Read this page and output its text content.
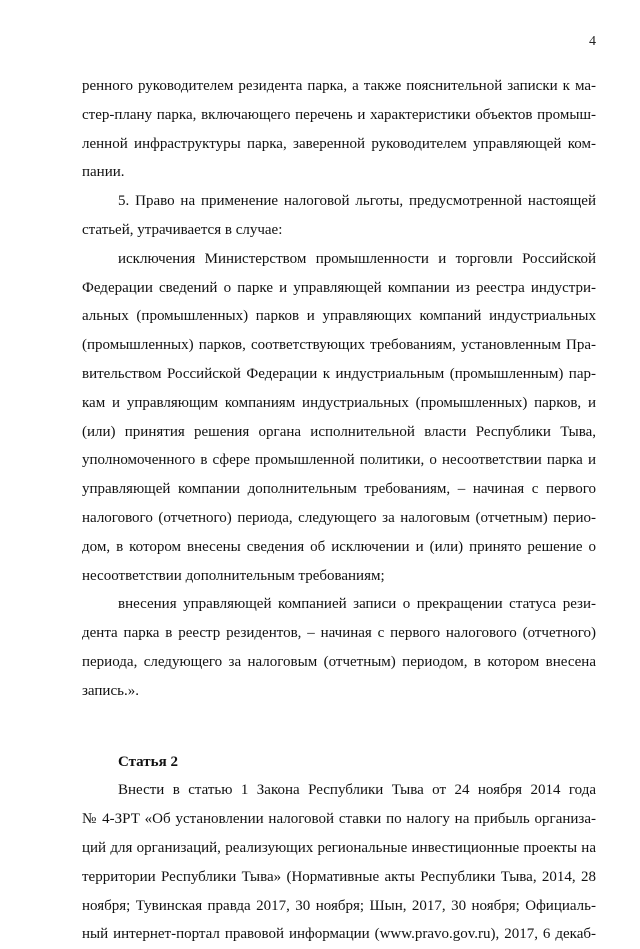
4
ренного руководителем резидента парка, а также пояснительной записки к ма-
стер-плану парка, включающего перечень и характеристики объектов промыш-
ленной инфраструктуры парка, заверенной руководителем управляющей ком-
пании.
5. Право на применение налоговой льготы, предусмотренной настоящей
статьей, утрачивается в случае:
исключения Министерством промышленности и торговли Российской
Федерации сведений о парке и управляющей компании из реестра индустри-
альных (промышленных) парков и управляющих компаний индустриальных
(промышленных) парков, соответствующих требованиям, установленным Пра-
вительством Российской Федерации к индустриальным (промышленным) пар-
кам и управляющим компаниям индустриальных (промышленных) парков, и
(или) принятия решения органа исполнительной власти Республики Тыва,
уполномоченного в сфере промышленной политики, о несоответствии парка и
управляющей компании дополнительным требованиям, – начиная с первого
налогового (отчетного) периода, следующего за налоговым (отчетным) перио-
дом, в котором внесены сведения об исключении и (или) принято решение о
несоответствии дополнительным требованиям;
внесения управляющей компанией записи о прекращении статуса рези-
дента парка в реестр резидентов, – начиная с первого налогового (отчетного)
периода, следующего за налоговым (отчетным) периодом, в котором внесена
запись.».
Статья 2
Внести в статью 1 Закона Республики Тыва от 24 ноября 2014 года
№ 4-ЗРТ «Об установлении налоговой ставки по налогу на прибыль организа-
ций для организаций, реализующих региональные инвестиционные проекты на
территории Республики Тыва» (Нормативные акты Республики Тыва, 2014, 28
ноября; Тувинская правда 2017, 30 ноября; Шын, 2017, 30 ноября; Официаль-
ный интернет-портал правовой информации (www.pravo.gov.ru), 2017, 6 декаб-
